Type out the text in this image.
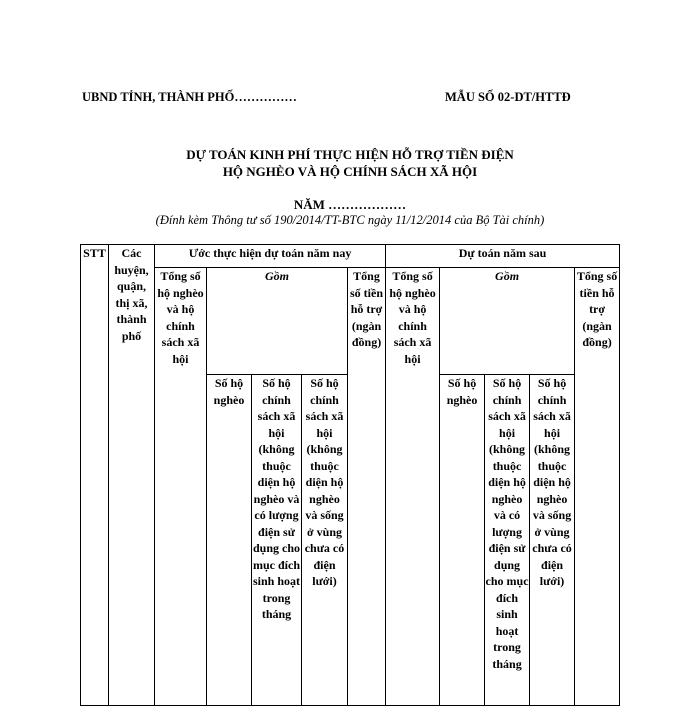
UBND TỈNH, THÀNH PHỐ……………	MẪU SỐ 02-DT/HTTĐ
DỰ TOÁN KINH PHÍ THỰC HIỆN HỖ TRỢ TIỀN ĐIỆN
HỘ NGHÈO VÀ HỘ CHÍNH SÁCH XÃ HỘI
NĂM ………………
(Đính kèm Thông tư số 190/2014/TT-BTC ngày 11/12/2014 của Bộ Tài chính)
STT	Các huyện, quận, thị xã, thành phố	Ước thực hiện dự toán năm nay					Dự toán năm sau				
		Tổng số hộ nghèo và hộ chính sách xã hội	Gồm			Tổng số tiền hỗ trợ (ngàn đồng)	Tổng số hộ nghèo và hộ chính sách xã hội	Gồm			Tổng số tiền hỗ trợ (ngàn đồng)
			Số hộ nghèo	Số hộ chính sách xã hội (không thuộc diện hộ nghèo và có lượng điện sử dụng cho mục đích sinh hoạt trong tháng	Số hộ chính sách xã hội (không thuộc diện hộ nghèo và sống ở vùng chưa có điện lưới)			Số hộ nghèo	Số hộ chính sách xã hội (không thuộc diện hộ nghèo và có lượng điện sử dụng cho mục đích sinh hoạt trong tháng	Số hộ chính sách xã hội (không thuộc diện hộ nghèo và sống ở vùng chưa có điện lưới)	
